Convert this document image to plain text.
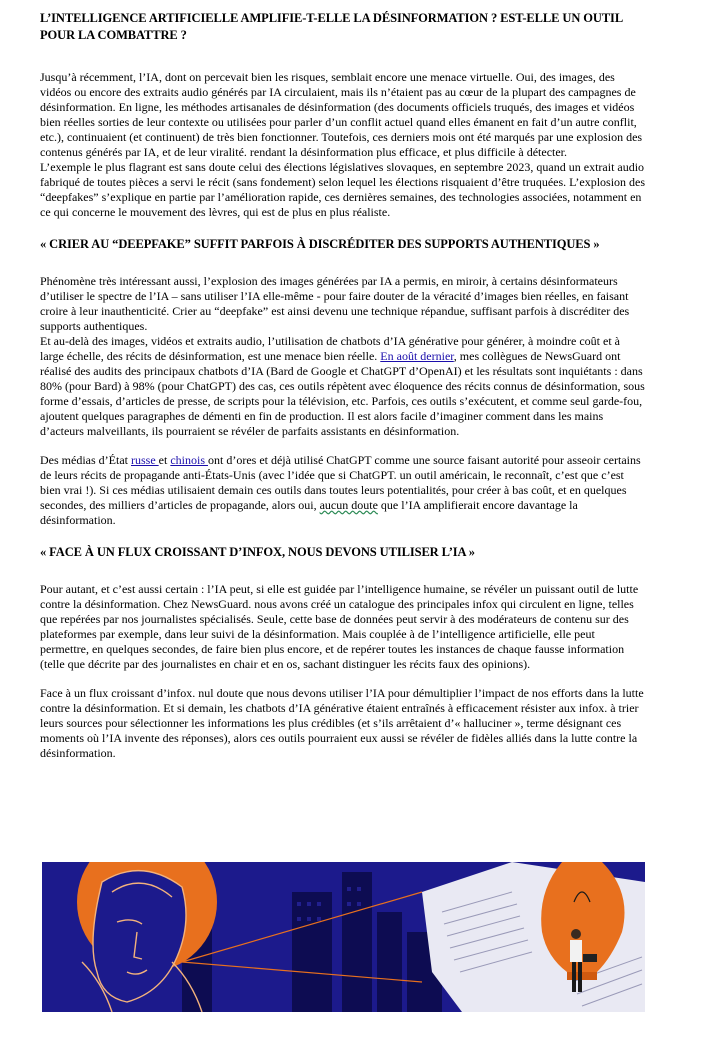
L’INTELLIGENCE ARTIFICIELLE AMPLIFIE-T-ELLE LA DÉSINFORMATION ? EST-ELLE UN OUTIL POUR LA COMBATTRE ?

Jusqu’à récemment, l’IA, dont on percevait bien les risques, semblait encore une menace virtuelle. Oui, des images, des vidéos ou encore des extraits audio générés par IA circulaient, mais ils n’étaient pas au cœur de la plupart des campagnes de désinformation. En ligne, les méthodes artisanales de désinformation (des documents officiels truqués, des images et vidéos bien réelles sorties de leur contexte ou utilisées pour parler d’un conflit actuel quand elles émanent en fait d’un autre conflit, etc.), continuaient (et continuent) de très bien fonctionner. Toutefois, ces derniers mois ont été marqués par une explosion des contenus générés par IA, et de leur viralité. rendant la désinformation plus efficace, et plus difficile à détecter.

L’exemple le plus flagrant est sans doute celui des élections législatives slovaques, en septembre 2023, quand un extrait audio fabriqué de toutes pièces a servi le récit (sans fondement) selon lequel les élections risquaient d’être truquées. L’explosion des “deepfakes” s’explique en partie par l’amélioration rapide, ces dernières semaines, des technologies associées, notamment en ce qui concerne le mouvement des lèvres, qui est de plus en plus réaliste.

« CRIER AU “DEEPFAKE” SUFFIT PARFOIS À DISCRÉDITER DES SUPPORTS AUTHENTIQUES »

Phénomène très intéressant aussi, l’explosion des images générées par IA a permis, en miroir, à certains désinformateurs d’utiliser le spectre de l’IA – sans utiliser l’IA elle-même - pour faire douter de la véracité d’images bien réelles, en faisant croire à leur inauthenticité. Crier au “deepfake” est ainsi devenu une technique répandue, suffisant parfois à discréditer des supports authentiques.

Et au-delà des images, vidéos et extraits audio, l’utilisation de chatbots d’IA générative pour générer, à moindre coût et à large échelle, des récits de désinformation, est une menace bien réelle. En août dernier, mes collègues de NewsGuard ont réalisé des audits des principaux chatbots d’IA (Bard de Google et ChatGPT d’OpenAI) et les résultats sont inquiétants : dans 80% (pour Bard) à 98% (pour ChatGPT) des cas, ces outils répètent avec éloquence des récits connus de désinformation, sous forme d’essais, d’articles de presse, de scripts pour la télévision, etc. Parfois, ces outils s’exécutent, et comme seul garde-fou, ajoutent quelques paragraphes de démenti en fin de production. Il est alors facile d’imaginer comment dans les mains d’acteurs malveillants, ils pourraient se révéler de parfaits assistants en désinformation.

Des médias d’État russe et chinois ont d’ores et déjà utilisé ChatGPT comme une source faisant autorité pour asseoir certains de leurs récits de propagande anti-États-Unis (avec l’idée que si ChatGPT. un outil américain, le reconnaît, c’est que c’est bien vrai !). Si ces médias utilisaient demain ces outils dans toutes leurs potentialités, pour créer à bas coût, et en quelques secondes, des milliers d’articles de propagande, alors oui, aucun doute que l’IA amplifierait encore davantage la désinformation.

« FACE À UN FLUX CROISSANT D’INFOX, NOUS DEVONS UTILISER L’IA »

Pour autant, et c’est aussi certain : l’IA peut, si elle est guidée par l’intelligence humaine, se révéler un puissant outil de lutte contre la désinformation. Chez NewsGuard. nous avons créé un catalogue des principales infox qui circulent en ligne, telles que repérées par nos journalistes spécialisés. Seule, cette base de données peut servir à des modérateurs de contenu sur des plateformes par exemple, dans leur suivi de la désinformation. Mais couplée à de l’intelligence artificielle, elle peut permettre, en quelques secondes, de faire bien plus encore, et de repérer toutes les instances de chaque fausse information (telle que décrite par des journalistes en chair et en os, sachant distinguer les récits faux des opinions).

Face à un flux croissant d’infox. nul doute que nous devons utiliser l’IA pour démultiplier l’impact de nos efforts dans la lutte contre la désinformation. Et si demain, les chatbots d’IA générative étaient entraînés à efficacement résister aux infox. à trier leurs sources pour sélectionner les informations les plus crédibles (et s’ils arrêtaient d’« halluciner », terme désignant ces moments où l’IA invente des réponses), alors ces outils pourraient eux aussi se révéler de fidèles alliés dans la lutte contre la désinformation.
